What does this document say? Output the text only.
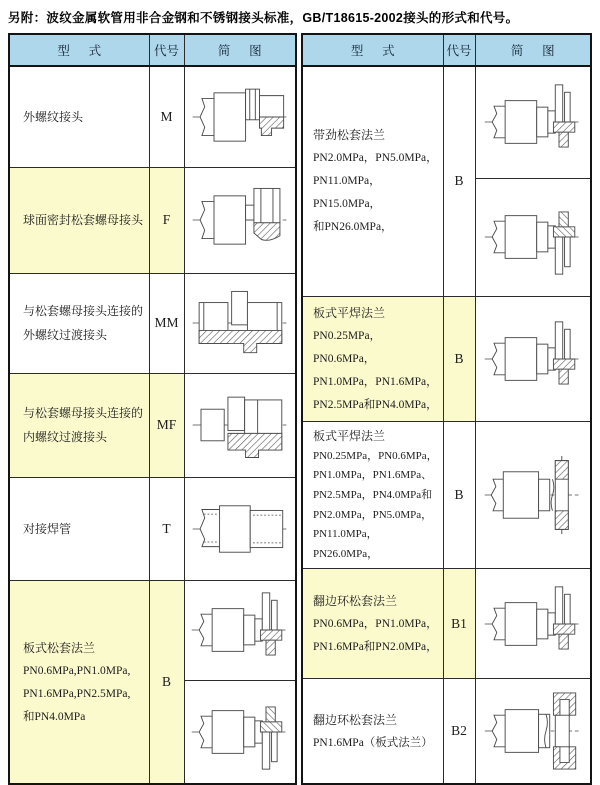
另附：波纹金属软管用非合金钢和不锈钢接头标准，GB/T18615-2002接头的形式和代号。
型      式	代号	简      图

外螺纹接头	M	

球面密封松套螺母接头	F	

与松套螺母接头连接的外螺纹过渡接头	MM	

与松套螺母接头连接的内螺纹过渡接头	MF	

对接焊管	T	

板式松套法兰
PN0.6MPa,PN1.0MPa,
PN1.6MPa,PN2.5MPa,
和PN4.0MPa	B	

型      式	代号	简      图

带劲松套法兰
PN2.0MPa，PN5.0MPa，
PN11.0MPa，PN15.0MPa，
和PN26.0MPa，	B	

板式平焊法兰
PN0.25MPa，PN0.6MPa，
PN1.0MPa，PN1.6MPa，
PN2.5MPa和PN4.0MPa，	B	

板式平焊法兰
PN0.25MPa，PN0.6MPa，
PN1.0MPa，PN1.6MPa、
PN2.5MPa，PN4.0MPa和
PN2.0MPa，PN5.0MPa，
PN11.0MPa，PN26.0MPa，
	B	

翻边环松套法兰
PN0.6MPa，PN1.0MPa，
PN1.6MPa和PN2.0MPa，	B1	

翻边环松套法兰
PN1.6MPa（板式法兰）	B2	
